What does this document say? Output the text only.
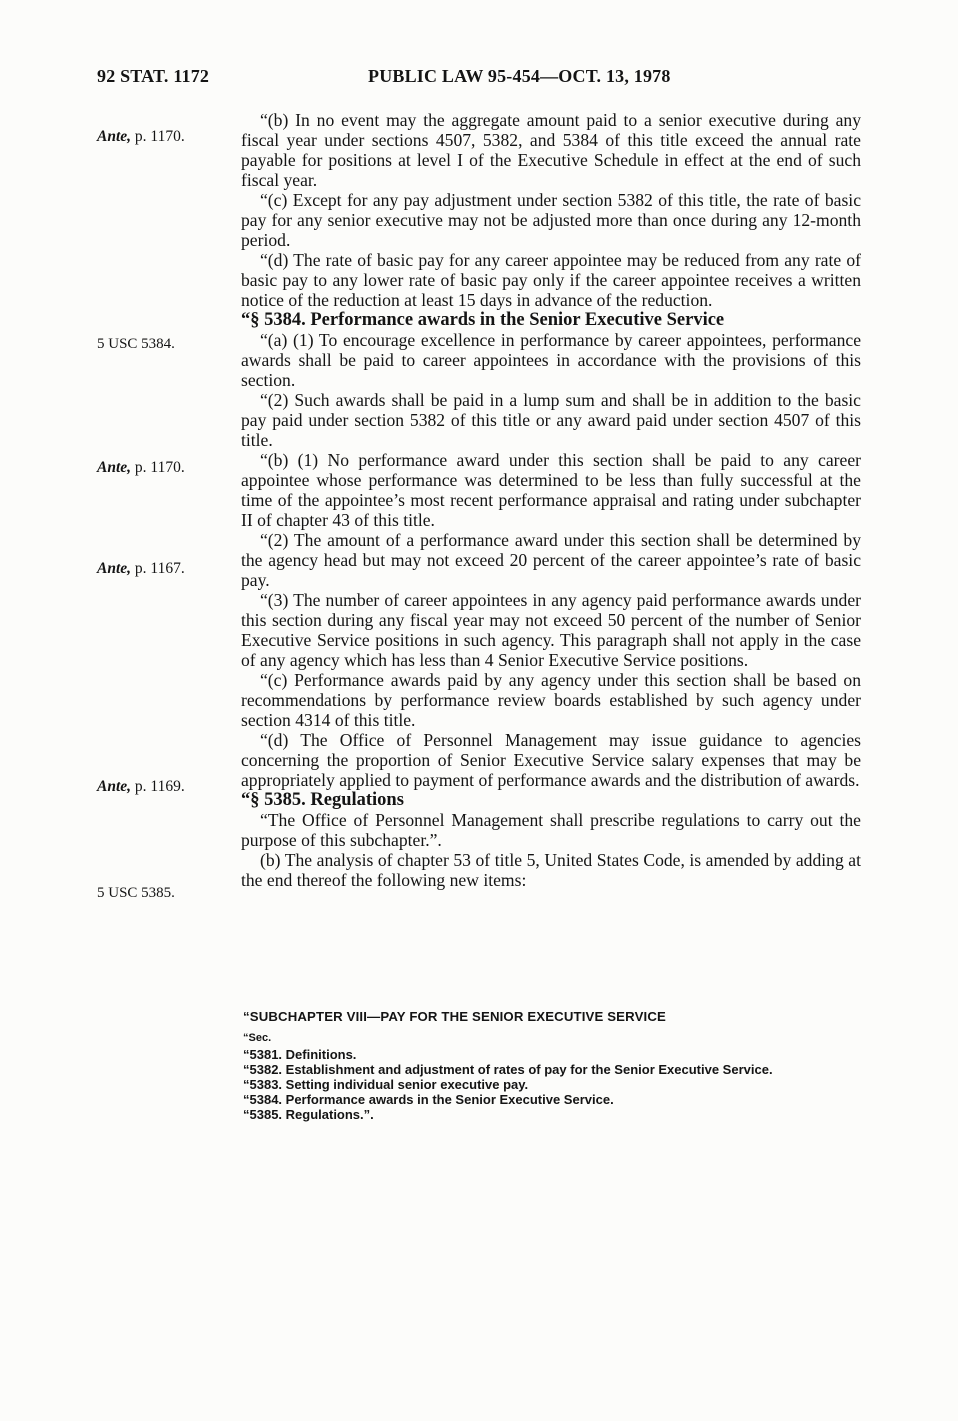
92 STAT. 1172	PUBLIC LAW 95-454—OCT. 13, 1978
Ante, p. 1170.
5 USC 5384.
Ante, p. 1170.
Ante, p. 1167.
Ante, p. 1169.
5 USC 5385.

“(b) In no event may the aggregate amount paid to a senior executive during any fiscal year under sections 4507, 5382, and 5384 of this title exceed the annual rate payable for positions at level I of the Executive Schedule in effect at the end of such fiscal year.

“(c) Except for any pay adjustment under section 5382 of this title, the rate of basic pay for any senior executive may not be adjusted more than once during any 12-month period.

“(d) The rate of basic pay for any career appointee may be reduced from any rate of basic pay to any lower rate of basic pay only if the career appointee receives a written notice of the reduction at least 15 days in advance of the reduction.

“§ 5384. Performance awards in the Senior Executive Service

“(a) (1) To encourage excellence in performance by career appointees, performance awards shall be paid to career appointees in accordance with the provisions of this section.

“(2) Such awards shall be paid in a lump sum and shall be in addition to the basic pay paid under section 5382 of this title or any award paid under section 4507 of this title.

“(b) (1) No performance award under this section shall be paid to any career appointee whose performance was determined to be less than fully successful at the time of the appointee’s most recent performance appraisal and rating under subchapter II of chapter 43 of this title.

“(2) The amount of a performance award under this section shall be determined by the agency head but may not exceed 20 percent of the career appointee’s rate of basic pay.

“(3) The number of career appointees in any agency paid performance awards under this section during any fiscal year may not exceed 50 percent of the number of Senior Executive Service positions in such agency. This paragraph shall not apply in the case of any agency which has less than 4 Senior Executive Service positions.

“(c) Performance awards paid by any agency under this section shall be based on recommendations by performance review boards established by such agency under section 4314 of this title.

“(d) The Office of Personnel Management may issue guidance to agencies concerning the proportion of Senior Executive Service salary expenses that may be appropriately applied to payment of performance awards and the distribution of awards.

“§ 5385. Regulations

“The Office of Personnel Management shall prescribe regulations to carry out the purpose of this subchapter.”.

(b) The analysis of chapter 53 of title 5, United States Code, is amended by adding at the end thereof the following new items:

“SUBCHAPTER VIII—PAY FOR THE SENIOR EXECUTIVE SERVICE
“Sec.
“5381. Definitions.
“5382. Establishment and adjustment of rates of pay for the Senior Executive Service.
“5383. Setting individual senior executive pay.
“5384. Performance awards in the Senior Executive Service.
“5385. Regulations.”.
